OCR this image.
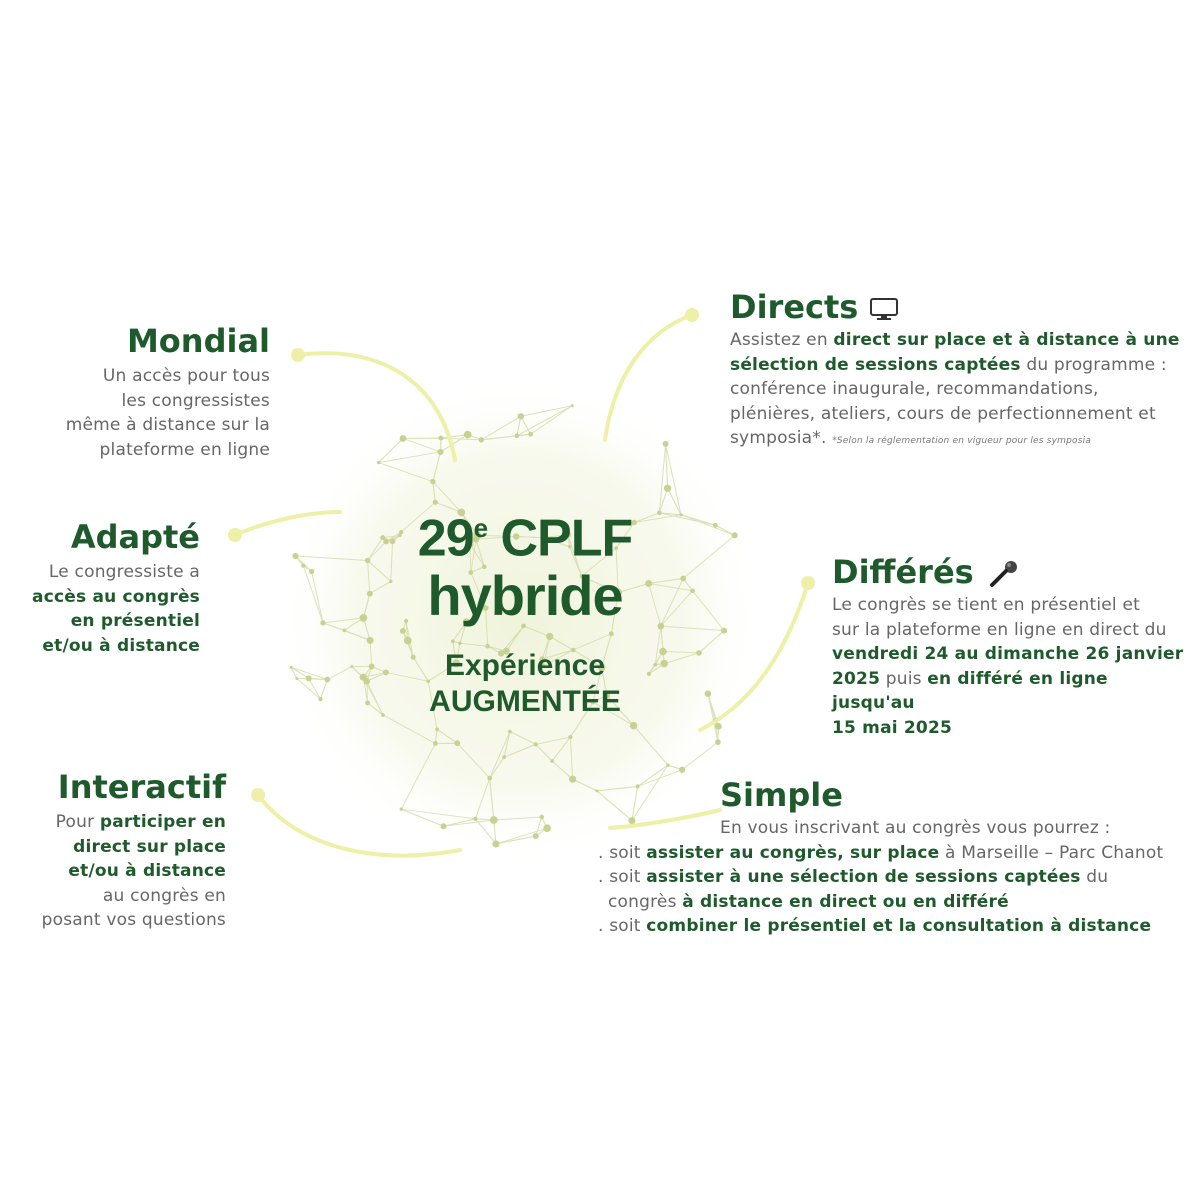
29e CPLF
hybride
Expérience
AUGMENTÉE
Mondial
Un accès pour tous
les congressistes
même à distance sur la
plateforme en ligne
Adapté
Le congressiste a
accès au congrès
en présentiel
et/ou à distance
Interactif
Pour participer en
direct sur place
et/ou à distance
au congrès en
posant vos questions
Directs
Assistez en direct sur place et à distance à une
sélection de sessions captées du programme :
conférence inaugurale, recommandations,
plénières, ateliers, cours de perfectionnement et
symposia*. *Selon la réglementation en vigueur pour les symposia
Différés
Le congrès se tient en présentiel et
sur la plateforme en ligne en direct du
vendredi 24 au dimanche 26 janvier
2025 puis en différé en ligne jusqu'au
15 mai 2025
Simple
En vous inscrivant au congrès vous pourrez :
. soit assister au congrès, sur place à Marseille – Parc Chanot
. soit assister à une sélection de sessions captées du
congrès à distance en direct ou en différé
. soit combiner le présentiel et la consultation à distance
